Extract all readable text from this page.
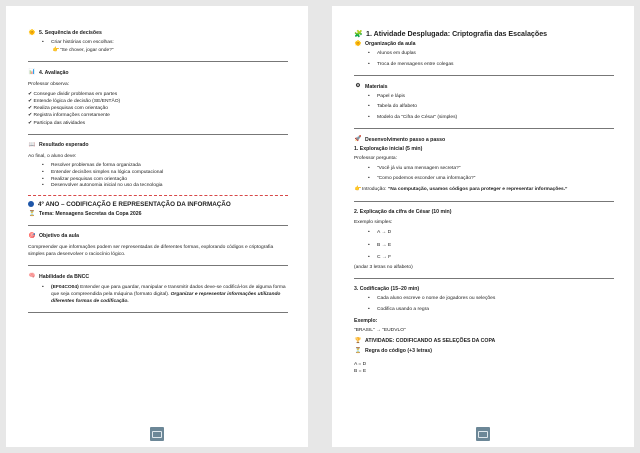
🌞 5. Sequência de decisões

• Criar histórias com escolhas:

👉“Se chover, jogar onde?”

📊 4. Avaliação

Professor observa:

✔ Consegue dividir problemas em partes

✔ Entende lógica de decisão (SE/ENTÃO)

✔ Realiza pesquisas com orientação

✔ Registra informações corretamente

✔ Participa das atividades

📖 Resultado esperado

Ao final, o aluno deve:

• Resolver problemas de forma organizada
• Entender decisões simples na lógica computacional
• Realizar pesquisas com orientação
• Desenvolver autonomia inicial no uso da tecnologia

4º ANO – CODIFICAÇÃO E REPRESENTAÇÃO DA INFORMAÇÃO

⏳ Tema: Mensagens Secretas da Copa 2026

🎯 Objetivo da aula

Compreender que informações podem ser representadas de diferentes formas, explorando códigos e criptografia simples para desenvolver o raciocínio lógico.

🧠 Habilidade da BNCC

• (EF04CO04) Entender que para guardar, manipular e transmitir dados deve-se codificá-los de alguma forma que seja compreendida pela máquina (formato digital). Organizar e representar informações utilizando diferentes formas de codificação.

🧩 1. Atividade Desplugada: Criptografia das Escalações

🌞 Organização da aula

• Alunos em duplas
• Troca de mensagens entre colegas

⚙ Materiais

• Papel e lápis
• Tabela do alfabeto
• Modelo da “Cifra de César” (simples)

🚀 Desenvolvimento passo a passo

1. Exploração inicial (5 min)

Professor pergunta:

• “Você já viu uma mensagem secreta?”
• “Como podemos esconder uma informação?”

👉Introdução: “Na computação, usamos códigos para proteger e representar informações.”

2. Explicação da cifra de César (10 min)

Exemplo simples:

• A → D
• B → E
• C → F

(andar 3 letras no alfabeto)

3. Codificação (15–20 min)

• Cada aluno escreve o nome de jogadores ou seleções
• Codifica usando a regra

Exemplo:

“BRASIL” → “EUDVLO”

🏆 ATIVIDADE: CODIFICANDO AS SELEÇÕES DA COPA

⏳ Regra do código (+3 letras)

A = D

B = E
